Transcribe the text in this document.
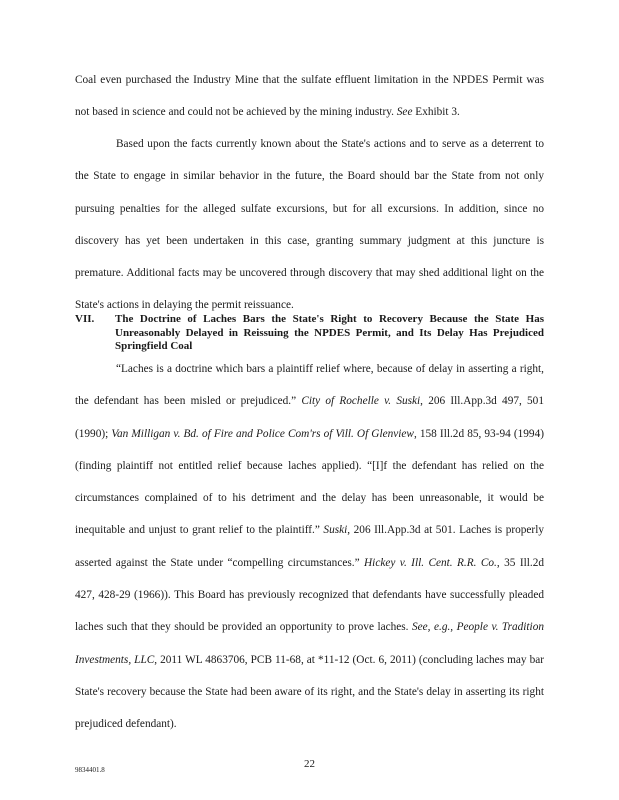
Coal even purchased the Industry Mine that the sulfate effluent limitation in the NPDES Permit was not based in science and could not be achieved by the mining industry. See Exhibit 3.
Based upon the facts currently known about the State's actions and to serve as a deterrent to the State to engage in similar behavior in the future, the Board should bar the State from not only pursuing penalties for the alleged sulfate excursions, but for all excursions. In addition, since no discovery has yet been undertaken in this case, granting summary judgment at this juncture is premature. Additional facts may be uncovered through discovery that may shed additional light on the State's actions in delaying the permit reissuance.
VII. The Doctrine of Laches Bars the State's Right to Recovery Because the State Has Unreasonably Delayed in Reissuing the NPDES Permit, and Its Delay Has Prejudiced Springfield Coal
“Laches is a doctrine which bars a plaintiff relief where, because of delay in asserting a right, the defendant has been misled or prejudiced.” City of Rochelle v. Suski, 206 Ill.App.3d 497, 501 (1990); Van Milligan v. Bd. of Fire and Police Com'rs of Vill. Of Glenview, 158 Ill.2d 85, 93-94 (1994) (finding plaintiff not entitled relief because laches applied). “[I]f the defendant has relied on the circumstances complained of to his detriment and the delay has been unreasonable, it would be inequitable and unjust to grant relief to the plaintiff.” Suski, 206 Ill.App.3d at 501. Laches is properly asserted against the State under “compelling circumstances.” Hickey v. Ill. Cent. R.R. Co., 35 Ill.2d 427, 428-29 (1966)). This Board has previously recognized that defendants have successfully pleaded laches such that they should be provided an opportunity to prove laches. See, e.g., People v. Tradition Investments, LLC, 2011 WL 4863706, PCB 11-68, at *11-12 (Oct. 6, 2011) (concluding laches may bar State's recovery because the State had been aware of its right, and the State's delay in asserting its right prejudiced defendant).
9834401.8	22
